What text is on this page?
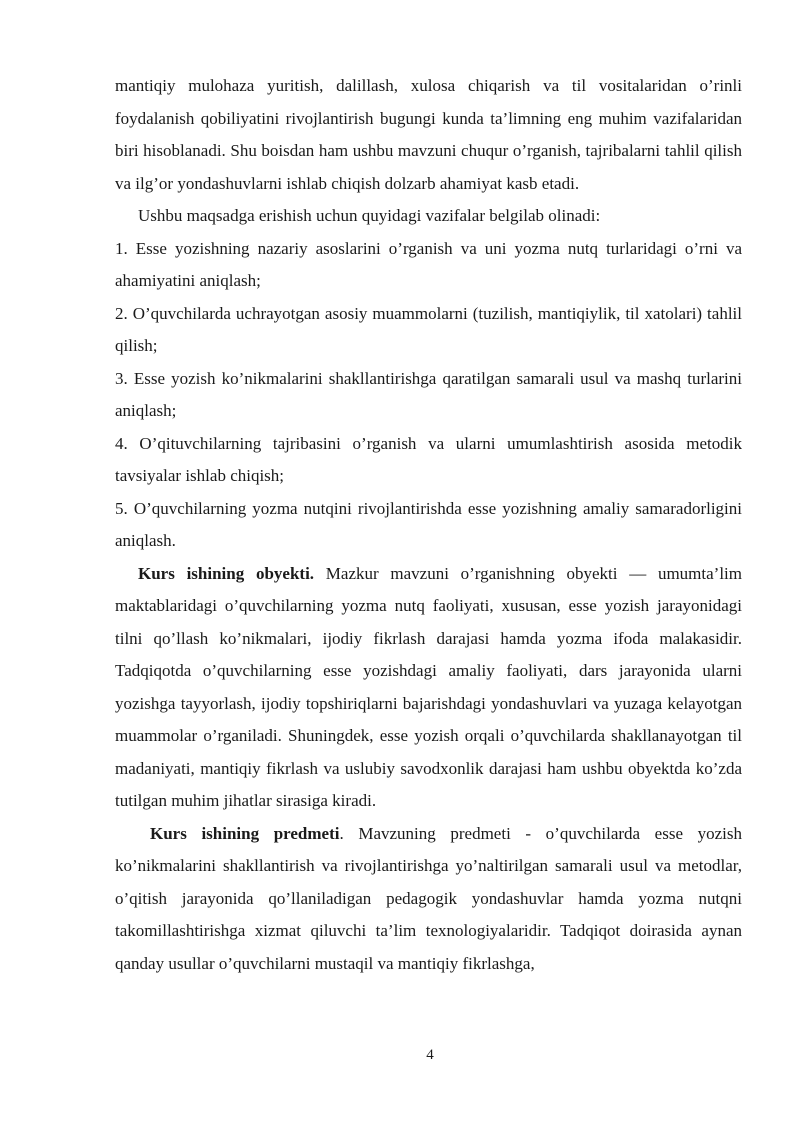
mantiqiy mulohaza yuritish, dalillash, xulosa chiqarish va til vositalaridan o’rinli foydalanish qobiliyatini rivojlantirish bugungi kunda ta’limning eng muhim vazifalaridan biri hisoblanadi. Shu boisdan ham ushbu mavzuni chuqur o’rganish, tajribalarni tahlil qilish va ilg’or yondashuvlarni ishlab chiqish dolzarb ahamiyat kasb etadi.

Ushbu maqsadga erishish uchun quyidagi vazifalar belgilab olinadi:

1. Esse yozishning nazariy asoslarini o’rganish va uni yozma nutq turlaridagi o’rni va ahamiyatini aniqlash;

2. O’quvchilarda uchrayotgan asosiy muammolarni (tuzilish, mantiqiylik, til xatolari) tahlil qilish;

3. Esse yozish ko’nikmalarini shakllantirishga qaratilgan samarali usul va mashq turlarini aniqlash;

4. O’qituvchilarning tajribasini o’rganish va ularni umumlashtirish asosida metodik tavsiyalar ishlab chiqish;

5. O’quvchilarning yozma nutqini rivojlantirishda esse yozishning amaliy samaradorligini aniqlash.

Kurs ishining obyekti. Mazkur mavzuni o’rganishning obyekti — umumta’lim maktablaridagi o’quvchilarning yozma nutq faoliyati, xususan, esse yozish jarayonidagi tilni qo’llash ko’nikmalari, ijodiy fikrlash darajasi hamda yozma ifoda malakasidir. Tadqiqotda o’quvchilarning esse yozishdagi amaliy faoliyati, dars jarayonida ularni yozishga tayyorlash, ijodiy topshiriqlarni bajarishdagi yondashuvlari va yuzaga kelayotgan muammolar o’rganiladi. Shuningdek, esse yozish orqali o’quvchilarda shakllanayotgan til madaniyati, mantiqiy fikrlash va uslubiy savodxonlik darajasi ham ushbu obyektda ko’zda tutilgan muhim jihatlar sirasiga kiradi.

Kurs ishining predmeti. Mavzuning predmeti - o’quvchilarda esse yozish ko’nikmalarini shakllantirish va rivojlantirishga yo’naltirilgan samarali usul va metodlar, o’qitish jarayonida qo’llaniladigan pedagogik yondashuvlar hamda yozma nutqni takomillashtirishga xizmat qiluvchi ta’lim texnologiyalaridir. Tadqiqot doirasida aynan qanday usullar o’quvchilarni mustaqil va mantiqiy fikrlashga,

4
